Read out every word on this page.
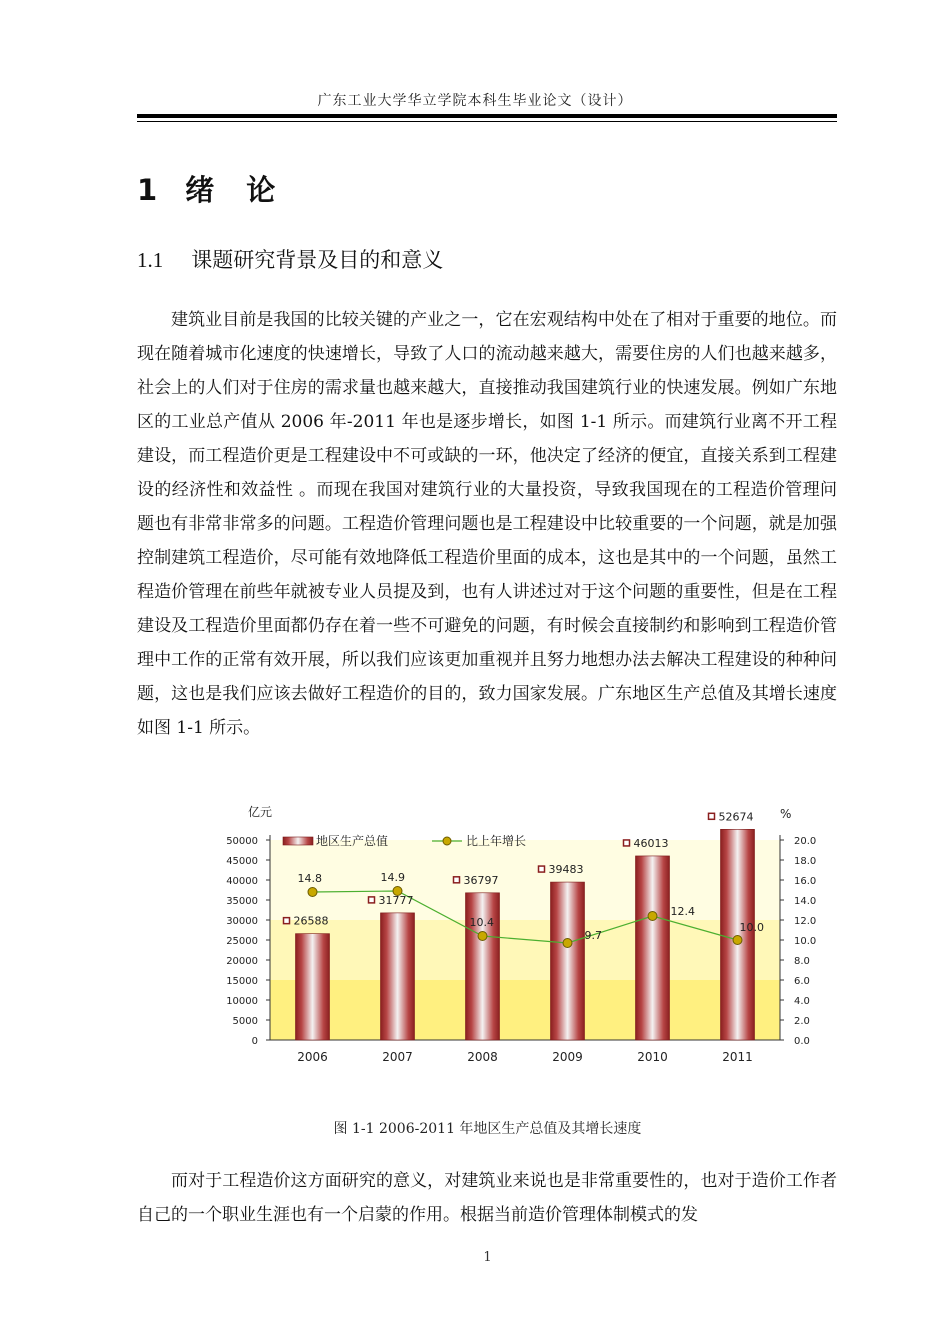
广东工业大学华立学院本科生毕业论文（设计）
1 绪 论
1.1 课题研究背景及目的和意义

建筑业目前是我国的比较关键的产业之一，它在宏观结构中处在了相对于重要的地位。而现在随着城市化速度的快速增长，导致了人口的流动越来越大，需要住房的人们也越来越多，社会上的人们对于住房的需求量也越来越大，直接推动我国建筑行业的快速发展。例如广东地区的工业总产值从 2006 年-2011 年也是逐步增长，如图 1-1 所示。而建筑行业离不开工程建设，而工程造价更是工程建设中不可或缺的一环，他决定了经济的便宜，直接关系到工程建设的经济性和效益性 。而现在我国对建筑行业的大量投资，导致我国现在的工程造价管理问题也有非常非常多的问题。工程造价管理问题也是工程建设中比较重要的一个问题，就是加强控制建筑工程造价，尽可能有效地降低工程造价里面的成本，这也是其中的一个问题，虽然工程造价管理在前些年就被专业人员提及到，也有人讲述过对于这个问题的重要性，但是在工程建设及工程造价里面都仍存在着一些不可避免的问题，有时候会直接制约和影响到工程造价管理中工作的正常有效开展，所以我们应该更加重视并且努力地想办法去解决工程建设的种种问题，这也是我们应该去做好工程造价的目的，致力国家发展。广东地区生产总值及其增长速度如图 1-1 所示。

亿元	%
0
5000
10000
15000
20000
25000
30000
35000
40000
45000
50000
0.0
2.0
4.0
6.0
8.0
10.0
12.0
14.0
16.0
18.0
20.0
2006	2007	2008	2009	2010	2011
26588
31777
36797
39483
46013
52674
14.8	14.9
10.4
9.7
12.4
10.0
地区生产总值	比上年增长
图 1-1 2006-2011 年地区生产总值及其增长速度

而对于工程造价这方面研究的意义，对建筑业来说也是非常重要性的，也对于造价工作者自己的一个职业生涯也有一个启蒙的作用。根据当前造价管理体制模式的发

1
